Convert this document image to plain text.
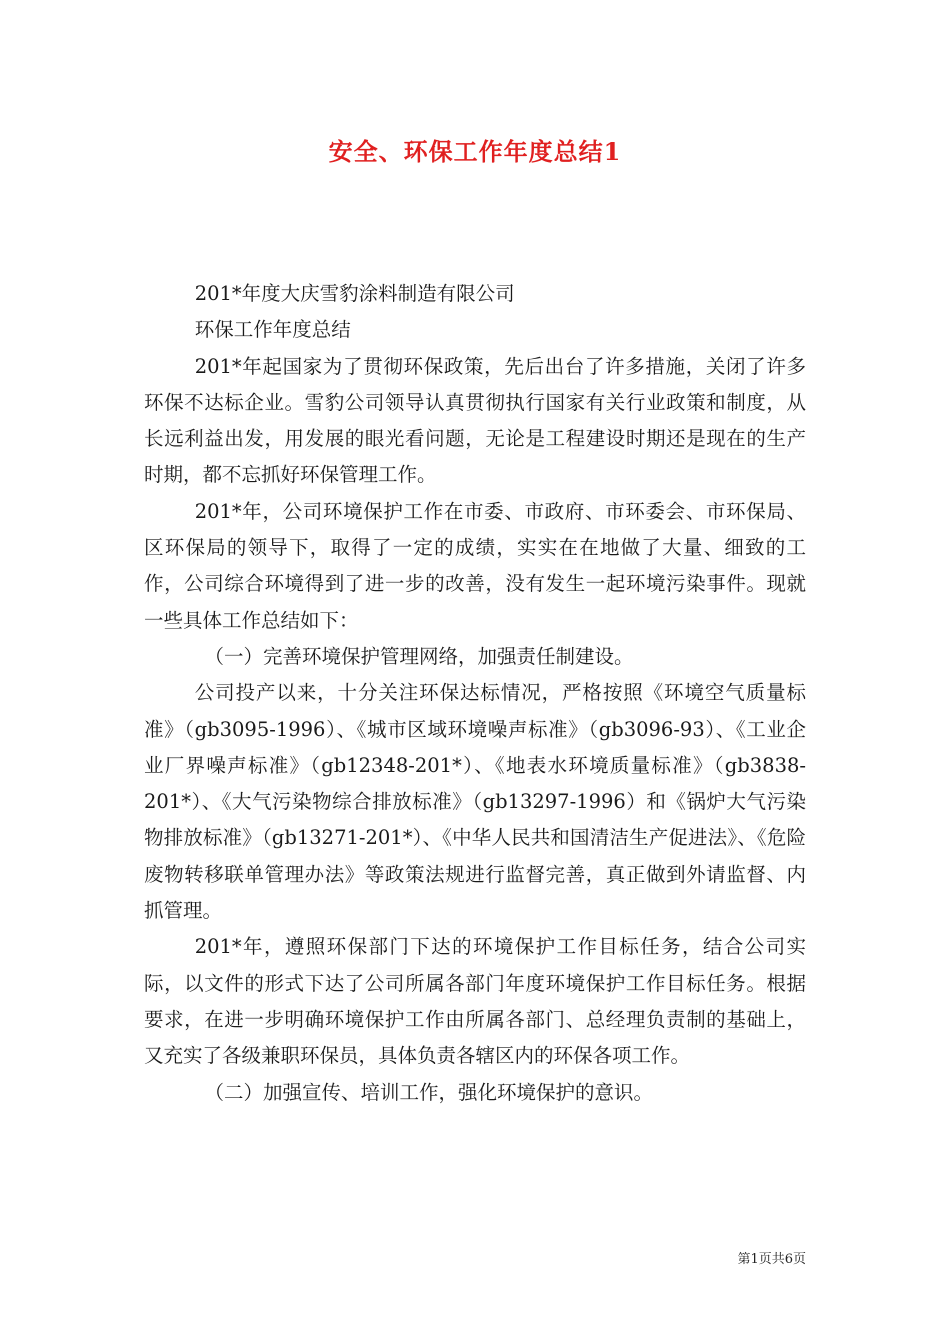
安全、环保工作年度总结1

201*年度大庆雪豹涂料制造有限公司

环保工作年度总结

201*年起国家为了贯彻环保政策，先后出台了许多措施，关闭了许多环保不达标企业。雪豹公司领导认真贯彻执行国家有关行业政策和制度，从长远利益出发，用发展的眼光看问题，无论是工程建设时期还是现在的生产时期，都不忘抓好环保管理工作。

201*年，公司环境保护工作在市委、市政府、市环委会、市环保局、区环保局的领导下，取得了一定的成绩，实实在在地做了大量、细致的工作，公司综合环境得到了进一步的改善，没有发生一起环境污染事件。现就一些具体工作总结如下：

（一）完善环境保护管理网络，加强责任制建设。

公司投产以来，十分关注环保达标情况，严格按照《环境空气质量标准》（gb3095-1996）、《城市区域环境噪声标准》（gb3096-93）、《工业企业厂界噪声标准》（gb12348-201*）、《地表水环境质量标准》（gb3838-201*）、《大气污染物综合排放标准》（gb13297-1996）和《锅炉大气污染物排放标准》（gb13271-201*）、《中华人民共和国清洁生产促进法》、《危险废物转移联单管理办法》等政策法规进行监督完善，真正做到外请监督、内抓管理。

201*年，遵照环保部门下达的环境保护工作目标任务，结合公司实际，以文件的形式下达了公司所属各部门年度环境保护工作目标任务。根据要求，在进一步明确环境保护工作由所属各部门、总经理负责制的基础上，又充实了各级兼职环保员，具体负责各辖区内的环保各项工作。

（二）加强宣传、培训工作，强化环境保护的意识。

第1页共6页
